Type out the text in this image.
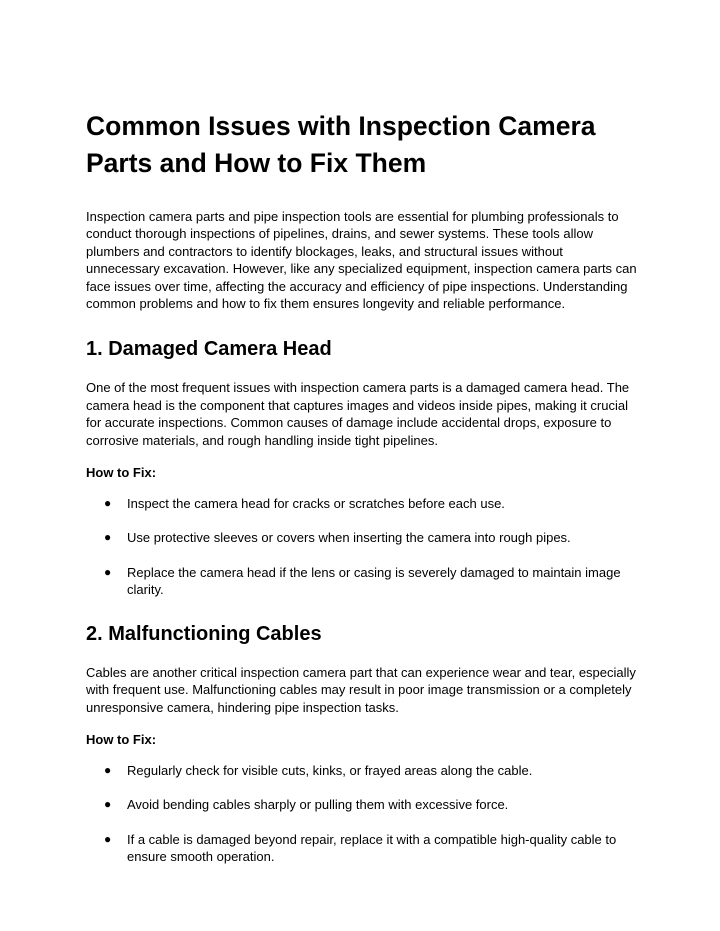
Common Issues with Inspection Camera Parts and How to Fix Them

Inspection camera parts and pipe inspection tools are essential for plumbing professionals to conduct thorough inspections of pipelines, drains, and sewer systems. These tools allow plumbers and contractors to identify blockages, leaks, and structural issues without unnecessary excavation. However, like any specialized equipment, inspection camera parts can face issues over time, affecting the accuracy and efficiency of pipe inspections. Understanding common problems and how to fix them ensures longevity and reliable performance.

1. Damaged Camera Head

One of the most frequent issues with inspection camera parts is a damaged camera head. The camera head is the component that captures images and videos inside pipes, making it crucial for accurate inspections. Common causes of damage include accidental drops, exposure to corrosive materials, and rough handling inside tight pipelines.

How to Fix:

● Inspect the camera head for cracks or scratches before each use.
● Use protective sleeves or covers when inserting the camera into rough pipes.
● Replace the camera head if the lens or casing is severely damaged to maintain image clarity.
2. Malfunctioning Cables

Cables are another critical inspection camera part that can experience wear and tear, especially with frequent use. Malfunctioning cables may result in poor image transmission or a completely unresponsive camera, hindering pipe inspection tasks.

How to Fix:

● Regularly check for visible cuts, kinks, or frayed areas along the cable.
● Avoid bending cables sharply or pulling them with excessive force.
● If a cable is damaged beyond repair, replace it with a compatible high-quality cable to ensure smooth operation.
